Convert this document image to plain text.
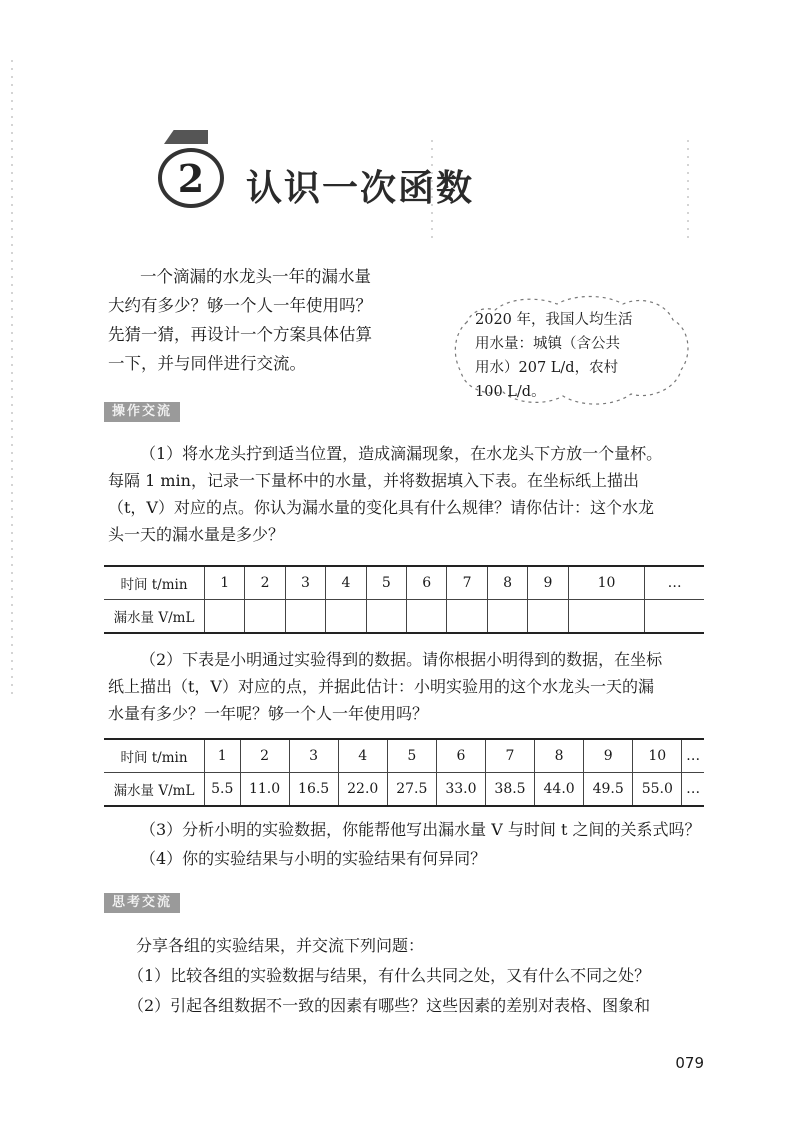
2	认识一次函数

一个滴漏的水龙头一年的漏水量

大约有多少？够一个人一年使用吗？

先猜一猜，再设计一个方案具体估算

一下，并与同伴进行交流。

2020 年，我国人均生活
用水量：城镇（含公共
用水）207 L/d，农村
100 L/d。
操作交流

（1）将水龙头拧到适当位置，造成滴漏现象，在水龙头下方放一个量杯。

每隔 1 min，记录一下量杯中的水量，并将数据填入下表。在坐标纸上描出

（t，V）对应的点。你认为漏水量的变化具有什么规律？请你估计：这个水龙

头一天的漏水量是多少？

时间 t/min	1	2	3	4	5	6	7	8	9	10	…
漏水量 V/mL											

（2）下表是小明通过实验得到的数据。请你根据小明得到的数据，在坐标

纸上描出（t，V）对应的点，并据此估计：小明实验用的这个水龙头一天的漏

水量有多少？一年呢？够一个人一年使用吗？

时间 t/min	1	2	3	4	5	6	7	8	9	10	…
漏水量 V/mL	5.5	11.0	16.5	22.0	27.5	33.0	38.5	44.0	49.5	55.0	…

（3）分析小明的实验数据，你能帮他写出漏水量 V 与时间 t 之间的关系式吗？

（4）你的实验结果与小明的实验结果有何异同？

思考交流

分享各组的实验结果，并交流下列问题：

（1）比较各组的实验数据与结果，有什么共同之处，又有什么不同之处？

（2）引起各组数据不一致的因素有哪些？这些因素的差别对表格、图象和

079
